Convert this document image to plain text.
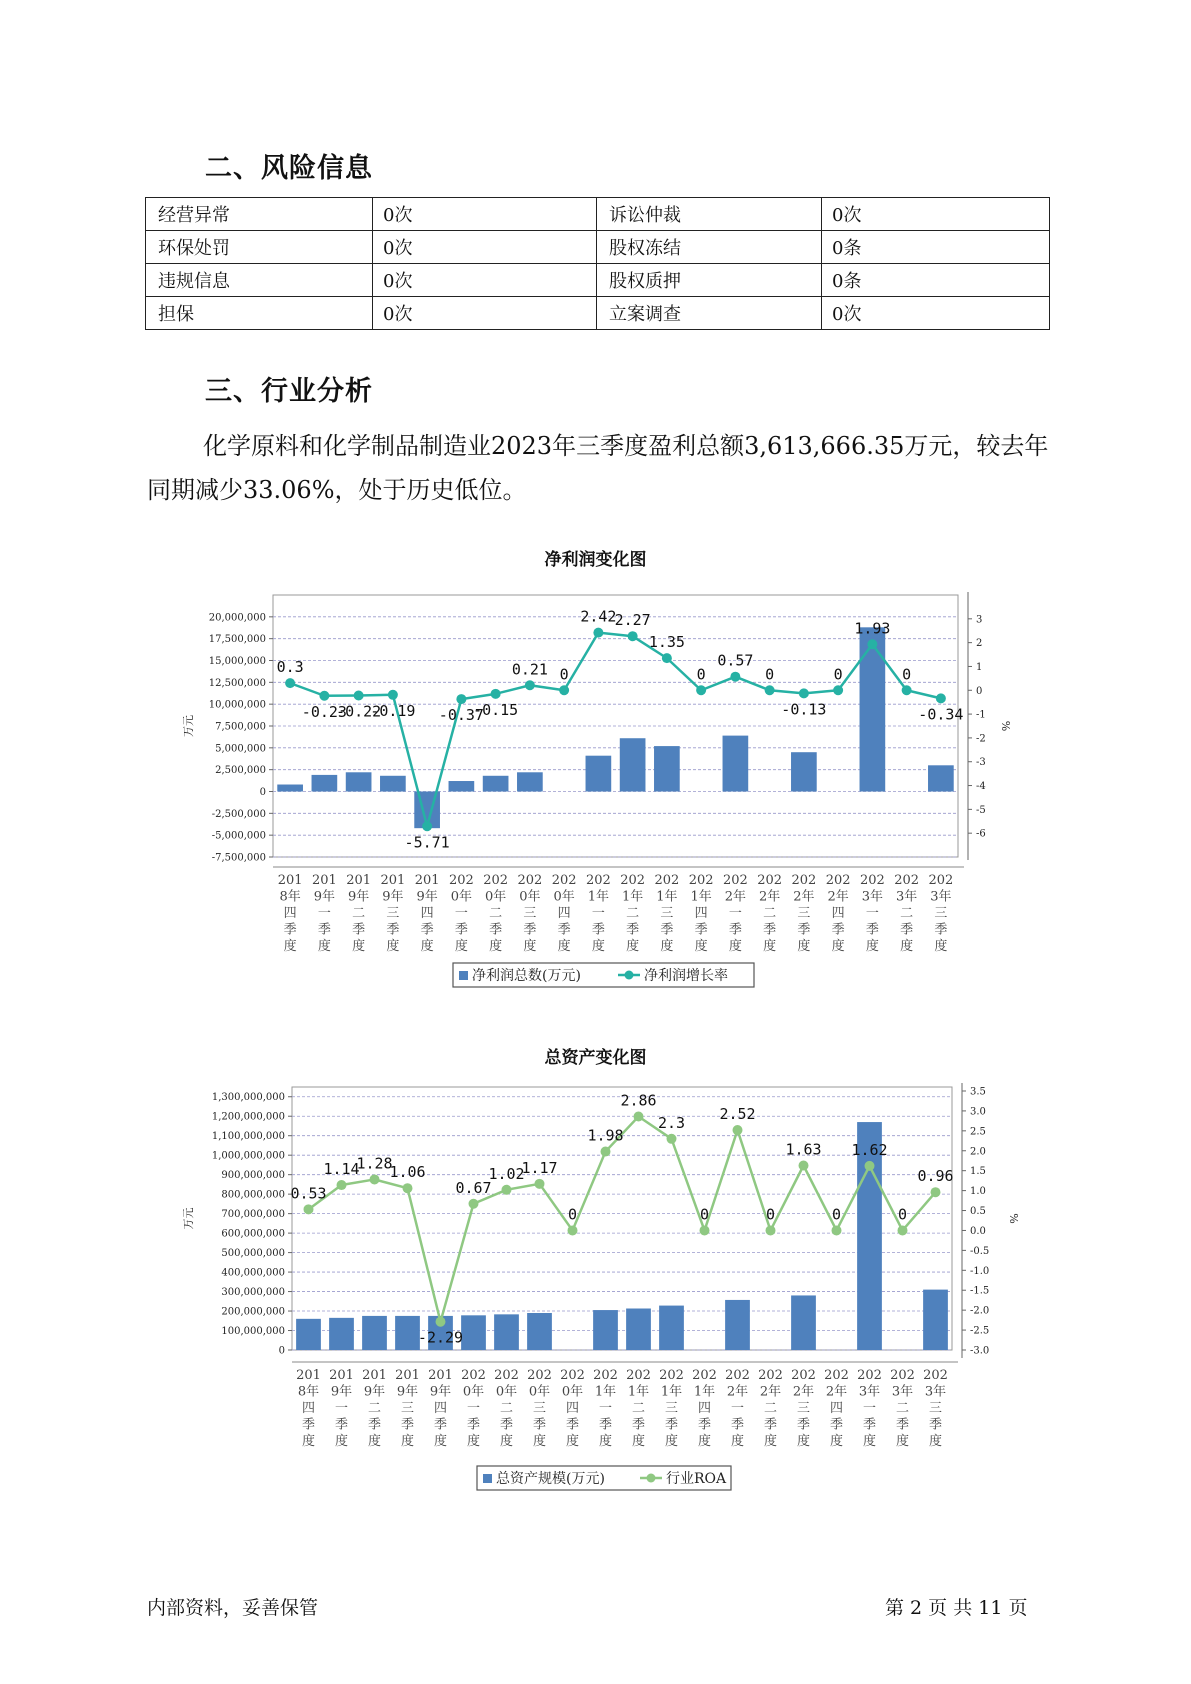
二、风险信息
经营异常	0次	诉讼仲裁	0次
环保处罚	0次	股权冻结	0条
违规信息	0次	股权质押	0条
担保	0次	立案调查	0次
三、行业分析

化学原料和化学制品制造业2023年三季度盈利总额3,613,666.35万元，较去年同期减少33.06%，处于历史低位。

净利润变化图
20,000,000
17,500,000
15,000,000
12,500,000
10,000,000
7,500,000
5,000,000
2,500,000
0
-2,500,000
-5,000,000
-7,500,000
3
2
1
0
-1
-2
-3
-4
-5
-6
万元	%
0.3
-0.23
-0.22
-0.19
-5.71
-0.37
-0.15
0.21 0
2.42
2.27
1.35
0
0.57
0
-0.13
0
1.93
0
-0.34
201
8年
四
季
度
201
9年
一
季
度
201
9年
二
季
度
201
9年
三
季
度
201
9年
四
季
度
202
0年
一
季
度
202
0年
二
季
度
202
0年
三
季
度
202
0年
四
季
度
202
1年
一
季
度
202
1年
二
季
度
202
1年
三
季
度
202
1年
四
季
度
202
2年
一
季
度
202
2年
二
季
度
202
2年
三
季
度
202
2年
四
季
度
202
3年
一
季
度
202
3年
二
季
度
202
3年
三
季
度
净利润总数(万元)	净利润增长率
总资产变化图
1,300,000,000
1,200,000,000
1,100,000,000
1,000,000,000
900,000,000
800,000,000
700,000,000
600,000,000
500,000,000
400,000,000
300,000,000
200,000,000
100,000,000
0
3.5
3.0
2.5
2.0
1.5
1.0
0.5
0.0
-0.5
-1.0
-1.5
-2.0
-2.5
-3.0
万元	%
0.53
1.14
1.28
1.06
-2.29
0.67
1.02
1.17
0
1.98
2.86
2.3
0
2.52
0
1.63
0
1.62
0
0.96
201
8年
四
季
度
201
9年
一
季
度
201
9年
二
季
度
201
9年
三
季
度
201
9年
四
季
度
202
0年
一
季
度
202
0年
二
季
度
202
0年
三
季
度
202
0年
四
季
度
202
1年
一
季
度
202
1年
二
季
度
202
1年
三
季
度
202
1年
四
季
度
202
2年
一
季
度
202
2年
二
季
度
202
2年
三
季
度
202
2年
四
季
度
202
3年
一
季
度
202
3年
二
季
度
202
3年
三
季
度
总资产规模(万元)	行业ROA
内部资料，妥善保管	第 2 页 共 11 页
